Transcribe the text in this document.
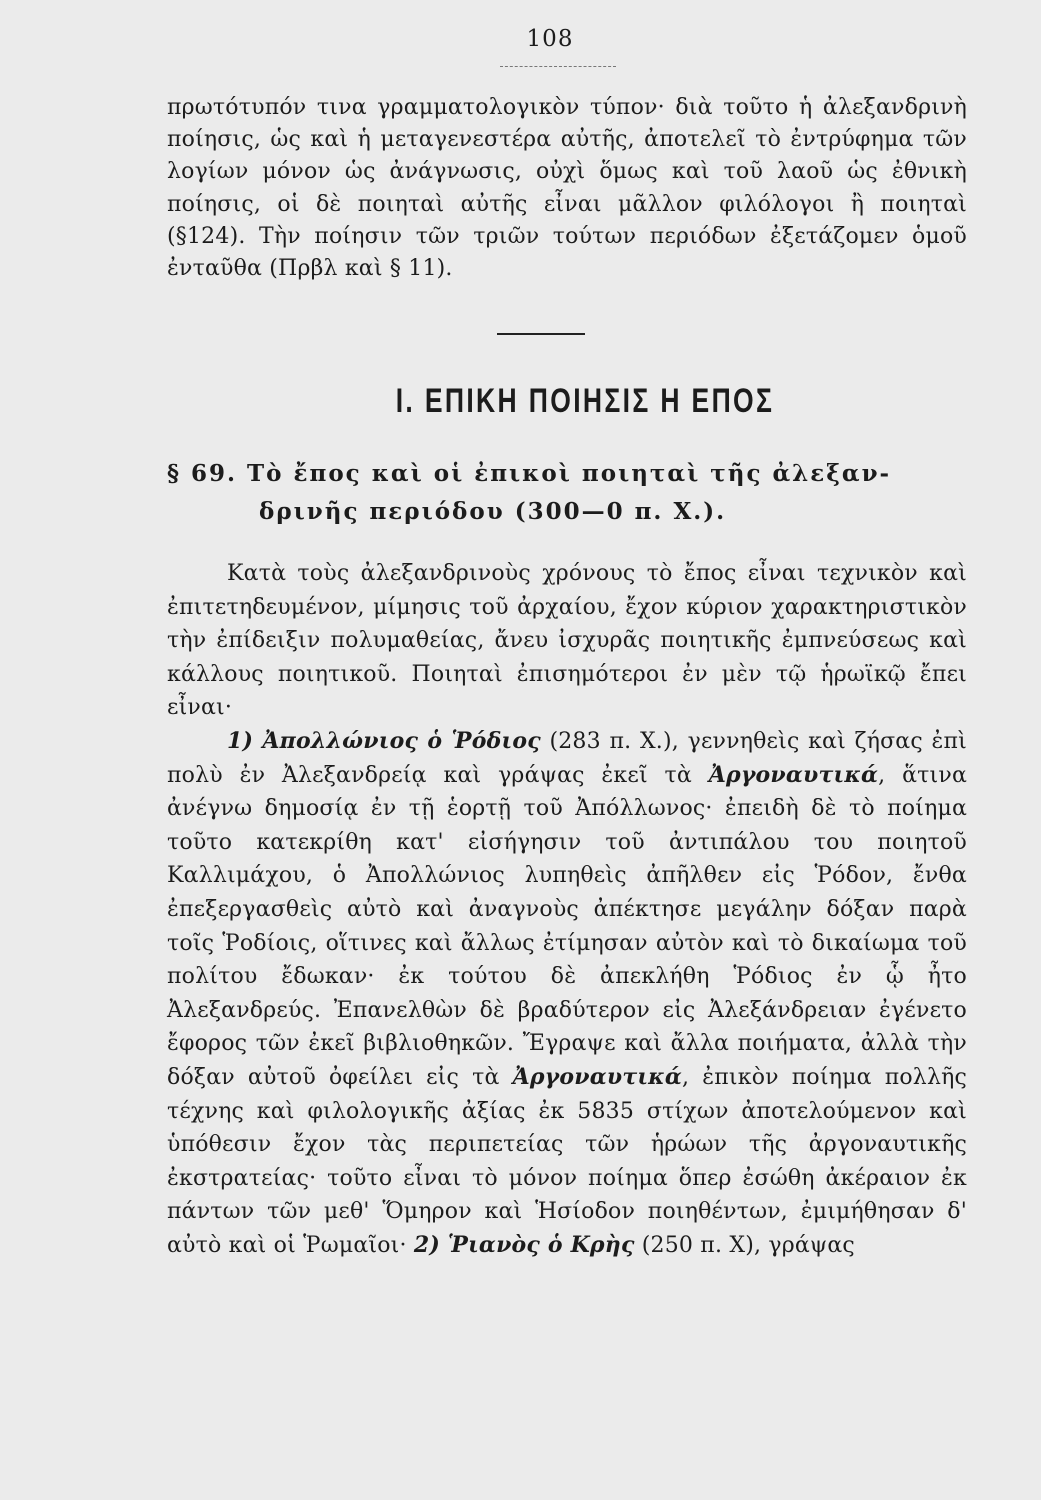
108
πρωτότυπόν τινα γραμματολογικὸν τύπον· διὰ τοῦτο ἡ ἀλεξανδρινὴ ποίησις, ὡς καὶ ἡ μεταγενεστέρα αὐτῆς, ἀποτελεῖ τὸ ἐντρύφημα τῶν λογίων μόνον ὡς ἀνάγνωσις, οὐχὶ ὅμως καὶ τοῦ λαοῦ ὡς ἐθνικὴ ποίησις, οἱ δὲ ποιηταὶ αὐτῆς εἶναι μᾶλλον φιλόλογοι ἢ ποιηταὶ (§124). Τὴν ποίησιν τῶν τριῶν τούτων περιόδων ἐξετάζομεν ὁμοῦ ἐνταῦθα (Πρβλ καὶ § 11).
Ι. ΕΠΙΚΗ ΠΟΙΗΣΙΣ Η ΕΠΟΣ
§ 69. Τὸ ἔπος καὶ οἱ ἐπικοὶ ποιηταὶ τῆς ἀλεξαν-
δρινῆς περιόδου (300—0 π. Χ.).

Κατὰ τοὺς ἀλεξανδρινοὺς χρόνους τὸ ἔπος εἶναι τεχνικὸν καὶ ἐπιτετηδευμένον, μίμησις τοῦ ἀρχαίου, ἔχον κύριον χαρακτηριστικὸν τὴν ἐπίδειξιν πολυμαθείας, ἄνευ ἰσχυρᾶς ποιητικῆς ἐμπνεύσεως καὶ κάλλους ποιητικοῦ. Ποιηταὶ ἐπισημότεροι ἐν μὲν τῷ ἡρωϊκῷ ἔπει εἶναι·

1) Ἀπολλώνιος ὁ Ῥόδιος (283 π. Χ.), γεννηθεὶς καὶ ζήσας ἐπὶ πολὺ ἐν Ἀλεξανδρείᾳ καὶ γράψας ἐκεῖ τὰ Ἀργοναυτικά, ἅτινα ἀνέγνω δημοσίᾳ ἐν τῇ ἑορτῇ τοῦ Ἀπόλλωνος· ἐπειδὴ δὲ τὸ ποίημα τοῦτο κατεκρίθη κατ' εἰσήγησιν τοῦ ἀντιπάλου του ποιητοῦ Καλλιμάχου, ὁ Ἀπολλώνιος λυπηθεὶς ἀπῆλθεν εἰς Ῥόδον, ἔνθα ἐπεξεργασθεὶς αὐτὸ καὶ ἀναγνοὺς ἀπέκτησε μεγάλην δόξαν παρὰ τοῖς Ῥοδίοις, οἵτινες καὶ ἄλλως ἐτίμησαν αὐτὸν καὶ τὸ δικαίωμα τοῦ πολίτου ἔδωκαν· ἐκ τούτου δὲ ἀπεκλήθη Ῥόδιος ἐν ᾧ ἦτο Ἀλεξανδρεύς. Ἐπανελθὼν δὲ βραδύτερον εἰς Ἀλεξάνδρειαν ἐγένετο ἔφορος τῶν ἐκεῖ βιβλιοθηκῶν. Ἔγραψε καὶ ἄλλα ποιήματα, ἀλλὰ τὴν δόξαν αὐτοῦ ὀφείλει εἰς τὰ Ἀργοναυτικά, ἐπικὸν ποίημα πολλῆς τέχνης καὶ φιλολογικῆς ἀξίας ἐκ 5835 στίχων ἀποτελούμενον καὶ ὑπόθεσιν ἔχον τὰς περιπετείας τῶν ἡρώων τῆς ἀργοναυτικῆς ἐκστρατείας· τοῦτο εἶναι τὸ μόνον ποίημα ὅπερ ἐσώθη ἀκέραιον ἐκ πάντων τῶν μεθ' Ὅμηρον καὶ Ἡσίοδον ποιηθέντων, ἐμιμήθησαν δ' αὐτὸ καὶ οἱ Ῥωμαῖοι· 2) Ῥιανὸς ὁ Κρὴς (250 π. Χ), γράψας
